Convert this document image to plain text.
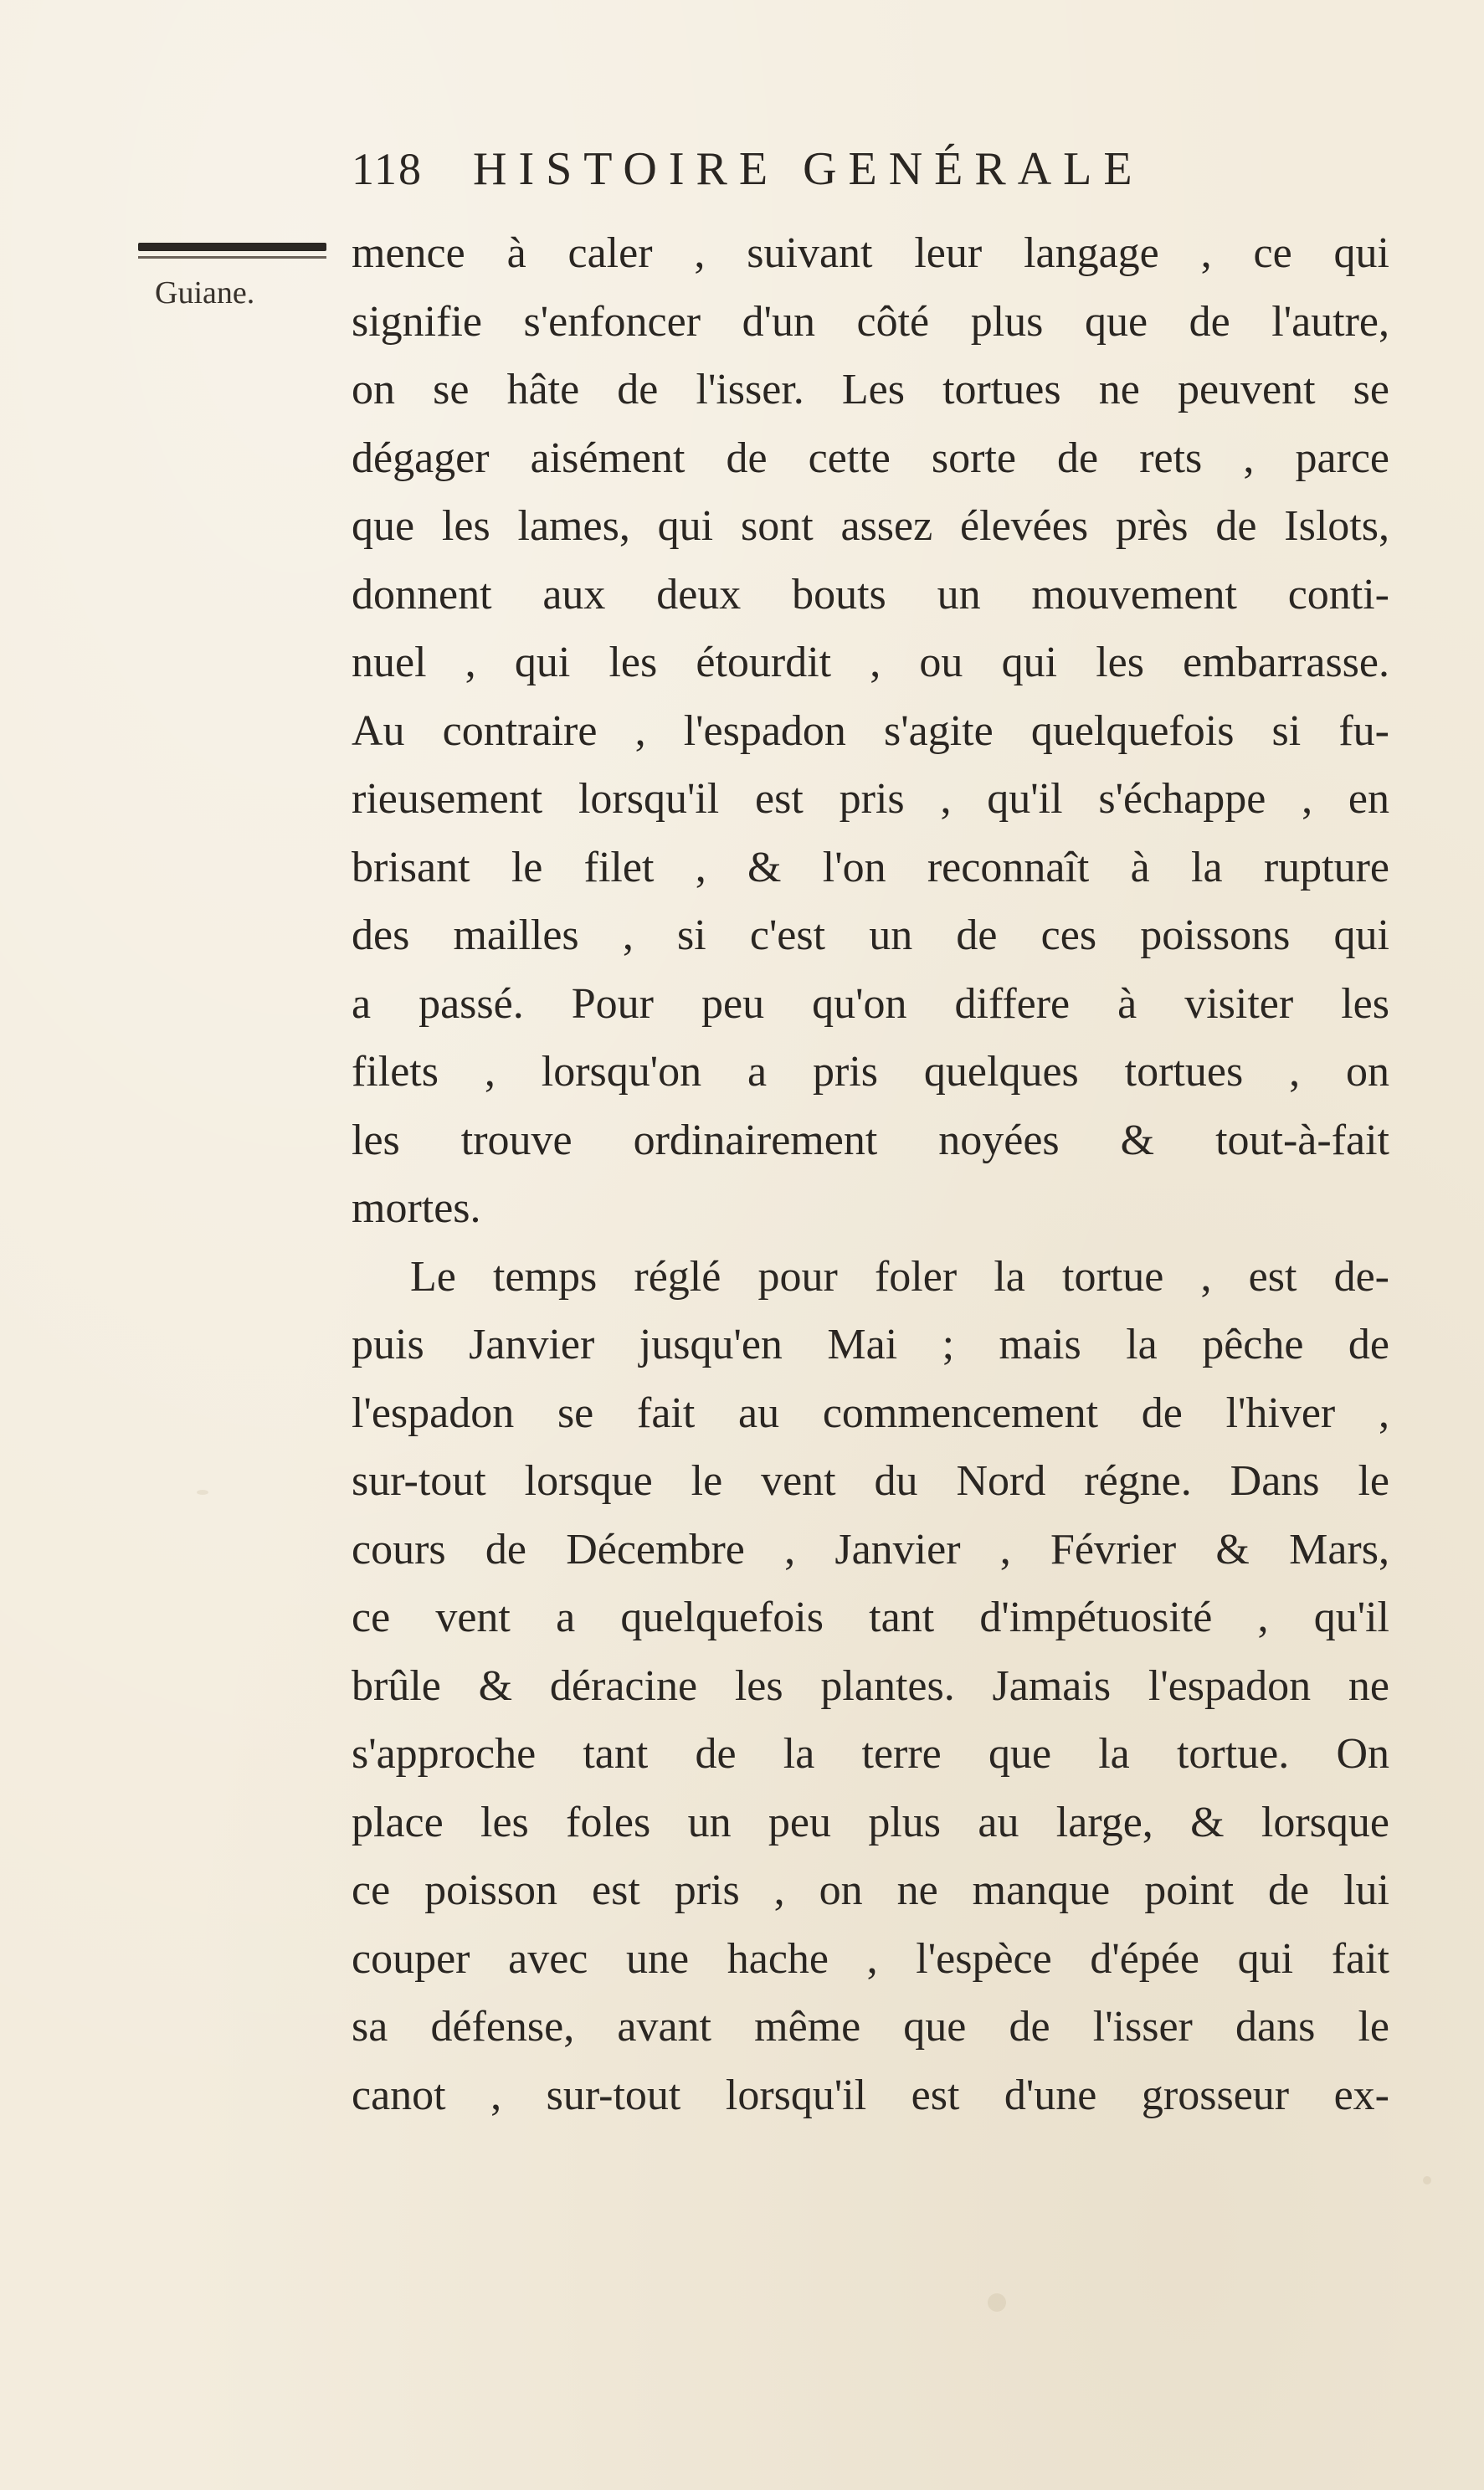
118 HISTOIRE GENÉRALE
Guiane.
mence à caler , suivant leur langage , ce qui
signifie s'enfoncer d'un côté plus que de l'autre,
on se hâte de l'isser. Les tortues ne peuvent se
dégager aisément de cette sorte de rets , parce
que les lames, qui sont assez élevées près de Islots,
donnent aux deux bouts un mouvement conti-
nuel , qui les étourdit , ou qui les embarrasse.
Au contraire , l'espadon s'agite quelquefois si fu-
rieusement lorsqu'il est pris , qu'il s'échappe , en
brisant le filet , & l'on reconnaît à la rupture
des mailles , si c'est un de ces poissons qui
a passé. Pour peu qu'on differe à visiter les
filets , lorsqu'on a pris quelques tortues , on
les trouve ordinairement noyées & tout-à-fait
mortes.
Le temps réglé pour foler la tortue , est de-
puis Janvier jusqu'en Mai ; mais la pêche de
l'espadon se fait au commencement de l'hiver ,
sur-tout lorsque le vent du Nord régne. Dans le
cours de Décembre , Janvier , Février & Mars,
ce vent a quelquefois tant d'impétuosité , qu'il
brûle & déracine les plantes. Jamais l'espadon ne
s'approche tant de la terre que la tortue. On
place les foles un peu plus au large, & lorsque
ce poisson est pris , on ne manque point de lui
couper avec une hache , l'espèce d'épée qui fait
sa défense, avant même que de l'isser dans le
canot , sur-tout lorsqu'il est d'une grosseur ex-
